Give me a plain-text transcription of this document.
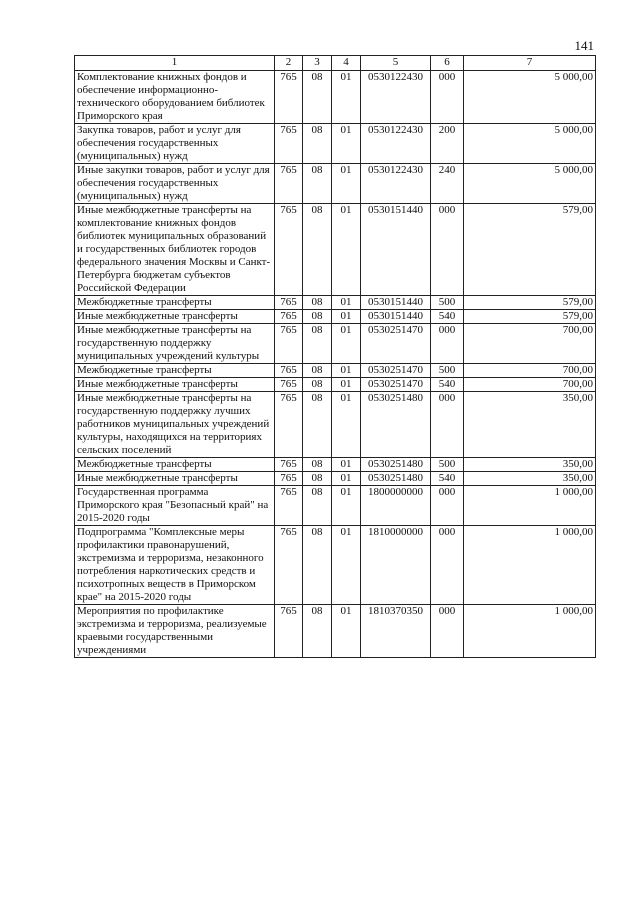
141
1	2	3	4	5	6	7
Комплектование книжных фондов и обеспечение информационно-технического оборудованием библиотек Приморского края	765	08	01	0530122430	000	5 000,00
Закупка товаров, работ и услуг для обеспечения государственных (муниципальных) нужд	765	08	01	0530122430	200	5 000,00
Иные закупки товаров, работ и услуг для обеспечения государственных (муниципальных) нужд	765	08	01	0530122430	240	5 000,00
Иные межбюджетные трансферты на комплектование книжных фондов библиотек муниципальных образований и государственных библиотек городов федерального значения Москвы и Санкт-Петербурга бюджетам субъектов Российской Федерации	765	08	01	0530151440	000	579,00
Межбюджетные трансферты	765	08	01	0530151440	500	579,00
Иные межбюджетные трансферты	765	08	01	0530151440	540	579,00
Иные межбюджетные трансферты на государственную поддержку муниципальных учреждений культуры	765	08	01	0530251470	000	700,00
Межбюджетные трансферты	765	08	01	0530251470	500	700,00
Иные межбюджетные трансферты	765	08	01	0530251470	540	700,00
Иные межбюджетные трансферты на государственную поддержку лучших работников муниципальных учреждений культуры, находящихся на территориях сельских поселений	765	08	01	0530251480	000	350,00
Межбюджетные трансферты	765	08	01	0530251480	500	350,00
Иные межбюджетные трансферты	765	08	01	0530251480	540	350,00
Государственная программа Приморского края "Безопасный край" на 2015-2020 годы	765	08	01	1800000000	000	1 000,00
Подпрограмма "Комплексные меры профилактики правонарушений, экстремизма и терроризма, незаконного потребления наркотических средств и психотропных веществ в Приморском крае" на 2015-2020 годы	765	08	01	1810000000	000	1 000,00
Мероприятия по профилактике экстремизма и терроризма, реализуемые краевыми государственными учреждениями	765	08	01	1810370350	000	1 000,00
